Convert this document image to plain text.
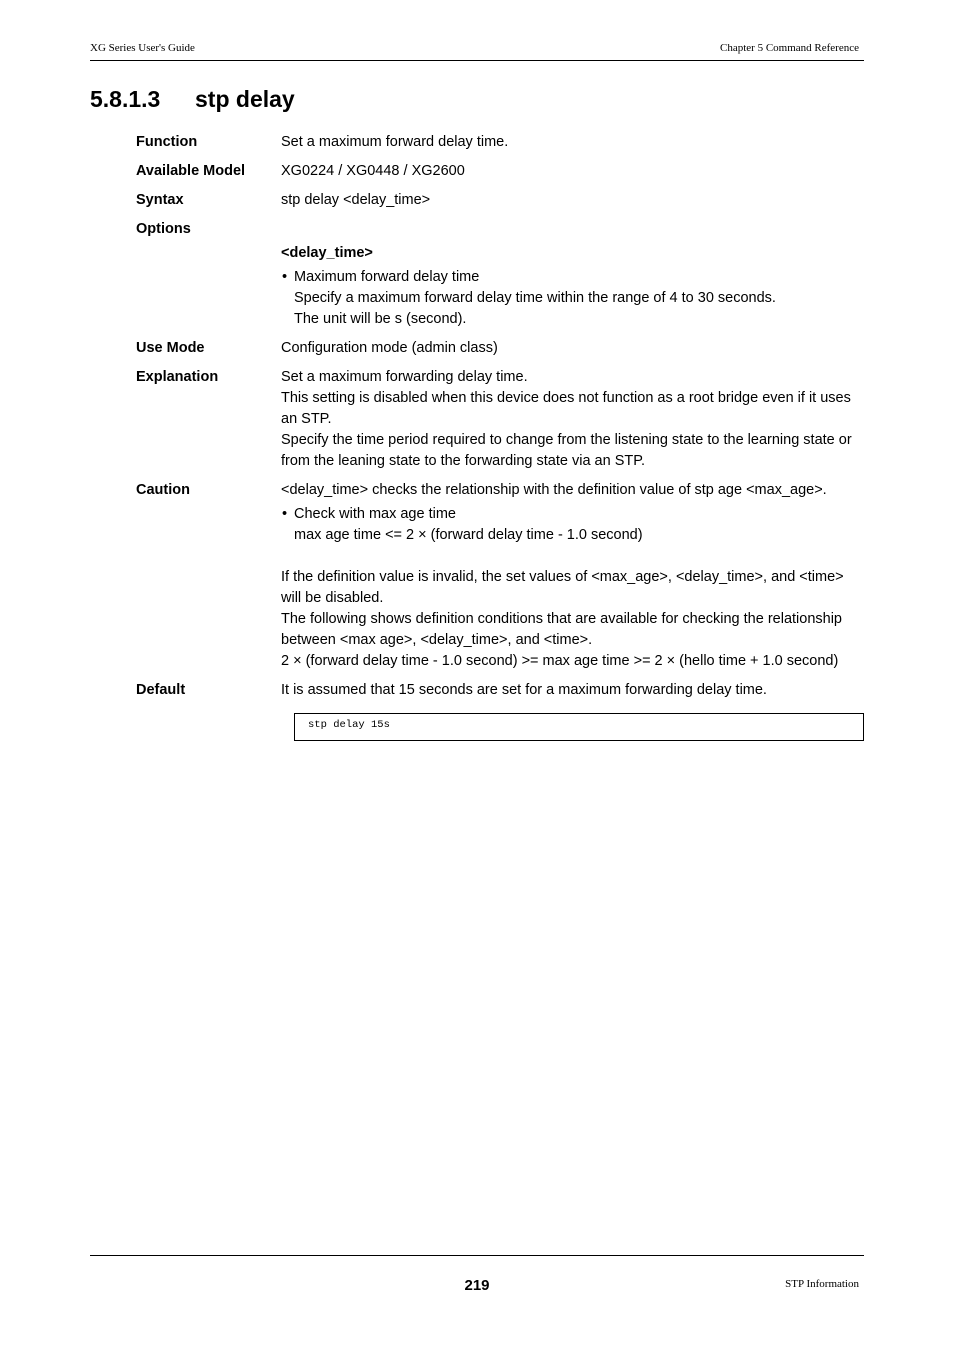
XG Series User's Guide	Chapter 5 Command Reference
5.8.1.3 stp delay
Function	Set a maximum forward delay time.
Available Model	XG0224 / XG0448 / XG2600
Syntax	stp delay <delay_time>
Options
<delay_time>
• Maximum forward delay time
Specify a maximum forward delay time within the range of 4 to 30 seconds.
The unit will be s (second).
Use Mode	Configuration mode (admin class)
Explanation	Set a maximum forwarding delay time.

This setting is disabled when this device does not function as a root bridge even if it uses an STP.

Specify the time period required to change from the listening state to the learning state or from the leaning state to the forwarding state via an STP.

Caution	<delay_time> checks the relationship with the definition value of stp age <max_age>.

• Check with max age time
max age time <= 2 × (forward delay time - 1.0 second)

If the definition value is invalid, the set values of <max_age>, <delay_time>, and <time> will be disabled.

The following shows definition conditions that are available for checking the relationship between <max age>, <delay_time>, and <time>.

2 × (forward delay time - 1.0 second) >= max age time >= 2 × (hello time + 1.0 second)

Default	It is assumed that 15 seconds are set for a maximum forwarding delay time.

stp delay 15s
219	STP Information
